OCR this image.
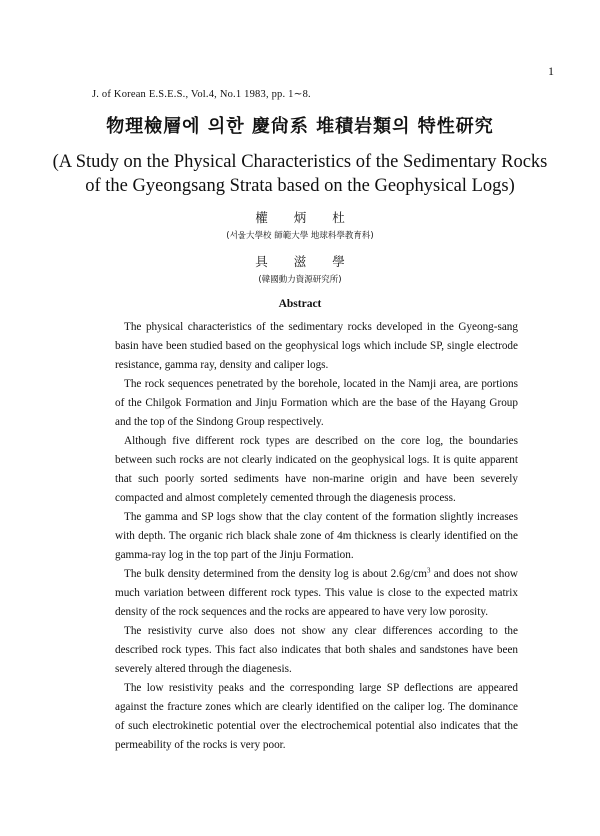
1
J. of Korean E.S.E.S., Vol.4, No.1 1983, pp. 1∼8.
物理檢層에 의한 慶尙系 堆積岩類의 特性研究
(A Study on the Physical Characteristics of the Sedimentary Rocks
of the Gyeongsang Strata based on the Geophysical Logs)
權炳杜
(서울大學校 師範大學 地球科學教育科)
具滋學
(韓國動力資源研究所)
Abstract

The physical characteristics of the sedimentary rocks developed in the Gyeong-sang basin have been studied based on the geophysical logs which include SP, single electrode resistance, gamma ray, density and caliper logs.

The rock sequences penetrated by the borehole, located in the Namji area, are portions of the Chilgok Formation and Jinju Formation which are the base of the Hayang Group and the top of the Sindong Group respectively.

Although five different rock types are described on the core log, the boundaries between such rocks are not clearly indicated on the geophysical logs. It is quite apparent that such poorly sorted sediments have non-marine origin and have been severely compacted and almost completely cemented through the diagenesis process.

The gamma and SP logs show that the clay content of the formation slightly increases with depth. The organic rich black shale zone of 4m thickness is clearly identified on the gamma-ray log in the top part of the Jinju Formation.

The bulk density determined from the density log is about $2.6g/cm^3$ and does not show much variation between different rock types. This value is close to the expected matrix density of the rock sequences and the rocks are appeared to have very low porosity.

The resistivity curve also does not show any clear differences according to the described rock types. This fact also indicates that both shales and sandstones have been severely altered through the diagenesis.

The low resistivity peaks and the corresponding large SP deflections are appeared against the fracture zones which are clearly identified on the caliper log. The dominance of such electrokinetic potential over the electrochemical potential also indicates that the permeability of the rocks is very poor.
